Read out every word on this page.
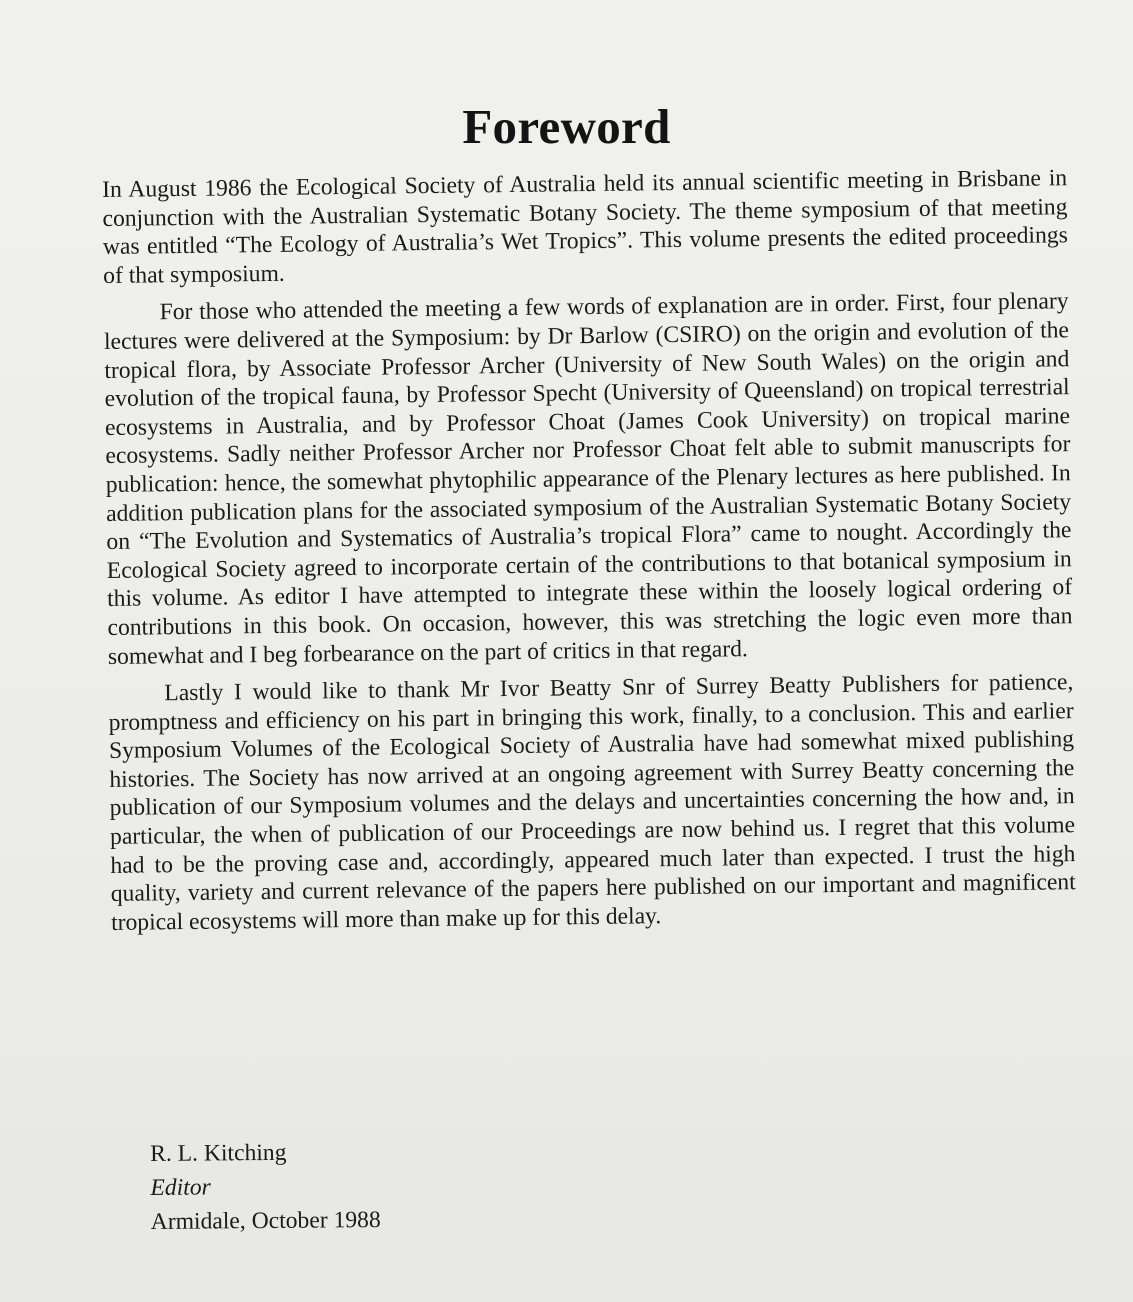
Foreword

In August 1986 the Ecological Society of Australia held its annual scientific meeting in Brisbane in conjunction with the Australian Systematic Botany Society. The theme symposium of that meeting was entitled “The Ecology of Australia’s Wet Tropics”. This volume presents the edited proceedings of that symposium.

For those who attended the meeting a few words of explanation are in order. First, four plenary lectures were delivered at the Symposium: by Dr Barlow (CSIRO) on the origin and evolution of the tropical flora, by Associate Professor Archer (University of New South Wales) on the origin and evolution of the tropical fauna, by Professor Specht (University of Queensland) on tropical terrestrial ecosystems in Australia, and by Professor Choat (James Cook University) on tropical marine ecosystems. Sadly neither Professor Archer nor Professor Choat felt able to submit manuscripts for publication: hence, the somewhat phytophilic appearance of the Plenary lectures as here published. In addition publication plans for the associated symposium of the Australian Systematic Botany Society on “The Evolution and Systematics of Australia’s tropical Flora” came to nought. Accordingly the Ecological Society agreed to incorporate certain of the contributions to that botanical symposium in this volume. As editor I have attempted to integrate these within the loosely logical ordering of contributions in this book. On occasion, however, this was stretching the logic even more than somewhat and I beg forbearance on the part of critics in that regard.

Lastly I would like to thank Mr Ivor Beatty Snr of Surrey Beatty Publishers for patience, promptness and efficiency on his part in bringing this work, finally, to a conclusion. This and earlier Symposium Volumes of the Ecological Society of Australia have had somewhat mixed publishing histories. The Society has now arrived at an ongoing agreement with Surrey Beatty concerning the publication of our Symposium volumes and the delays and uncertainties concerning the how and, in particular, the when of publication of our Proceedings are now behind us. I regret that this volume had to be the proving case and, accordingly, appeared much later than expected. I trust the high quality, variety and current relevance of the papers here published on our important and magnificent tropical ecosystems will more than make up for this delay.

R. L. Kitching
Editor
Armidale, October 1988
